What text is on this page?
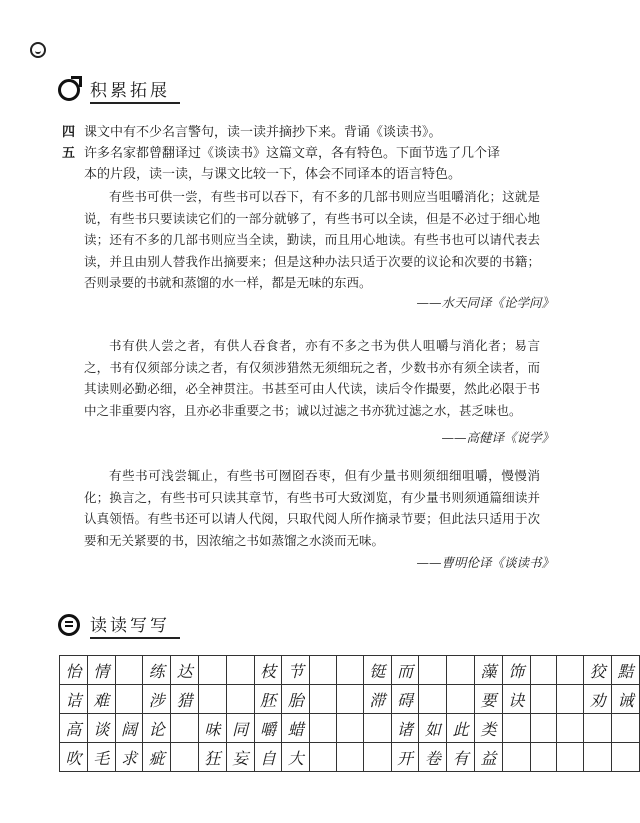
积累拓展
四 课文中有不少名言警句，读一读并摘抄下来。背诵《谈读书》。
五 许多名家都曾翻译过《谈读书》这篇文章，各有特色。下面节选了几个译
本的片段，读一读，与课文比较一下，体会不同译本的语言特色。
有些书可供一尝，有些书可以吞下，有不多的几部书则应当咀嚼消化；这就是说，有些书只要读读它们的一部分就够了，有些书可以全读，但是不必过于细心地读；还有不多的几部书则应当全读，勤读，而且用心地读。有些书也可以请代表去读，并且由别人替我作出摘要来；但是这种办法只适于次要的议论和次要的书籍；否则录要的书就和蒸馏的水一样，都是无味的东西。
——水天同译《论学问》
书有供人尝之者，有供人吞食者，亦有不多之书为供人咀嚼与消化者；易言之，书有仅须部分读之者，有仅须涉猎然无须细玩之者，少数书亦有须全读者，而其读则必勤必细，必全神贯注。书甚至可由人代读，读后令作撮要，然此必限于书中之非重要内容，且亦必非重要之书；诚以过滤之书亦犹过滤之水，甚乏味也。
——高健译《说学》
有些书可浅尝辄止，有些书可囫囵吞枣，但有少量书则须细细咀嚼，慢慢消化；换言之，有些书可只读其章节，有些书可大致浏览，有少量书则须通篇细读并认真领悟。有些书还可以请人代阅，只取代阅人所作摘录节要；但此法只适用于次要和无关紧要的书，因浓缩之书如蒸馏之水淡而无味。
——曹明伦译《谈读书》
读读写写
怡	情		练	达			枝	节			铤	而			藻	饰			狡	黠
诘	难		涉	猎			胚	胎			滞	碍			要	诀			劝	诫
高	谈	阔	论		味	同	嚼	蜡				诸	如	此	类					
吹	毛	求	疵		狂	妄	自	大				开	卷	有	益					
